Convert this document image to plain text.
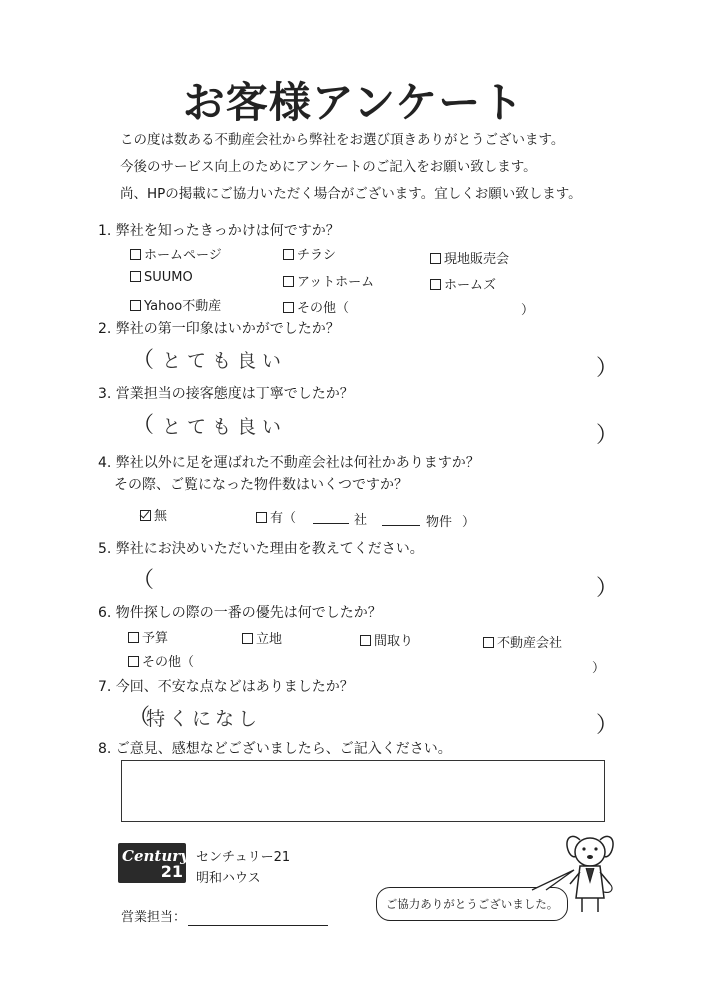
お客様アンケート
この度は数ある不動産会社から弊社をお選び頂きありがとうございます。
今後のサービス向上のためにアンケートのご記入をお願い致します。
尚、HPの掲載にご協力いただく場合がございます。宜しくお願い致します。
1. 弊社を知ったきっかけは何ですか？
ホームページ	チラシ	現地販売会
SUUMO	アットホーム	ホームズ
Yahoo不動産	その他（	）
2. 弊社の第一印象はいかがでしたか？
（ とても良い	）
3. 営業担当の接客態度は丁寧でしたか？
（ とても良い	）
4. 弊社以外に足を運ばれた不動産会社は何社かありますか？
その際、ご覧になった物件数はいくつですか？
無	有（	社	物件 ）
5. 弊社にお決めいただいた理由を教えてください。
（	）
6. 物件探しの際の一番の優先は何でしたか？
予算	立地	間取り	不動産会社
その他（	）
7. 今回、不安な点などはありましたか？
（
特くになし	）
8. ご意見、感想などございましたら、ご記入ください。
Century
21
センチュリー21
明和ハウス
営業担当：
ご協力ありがとうございました。
